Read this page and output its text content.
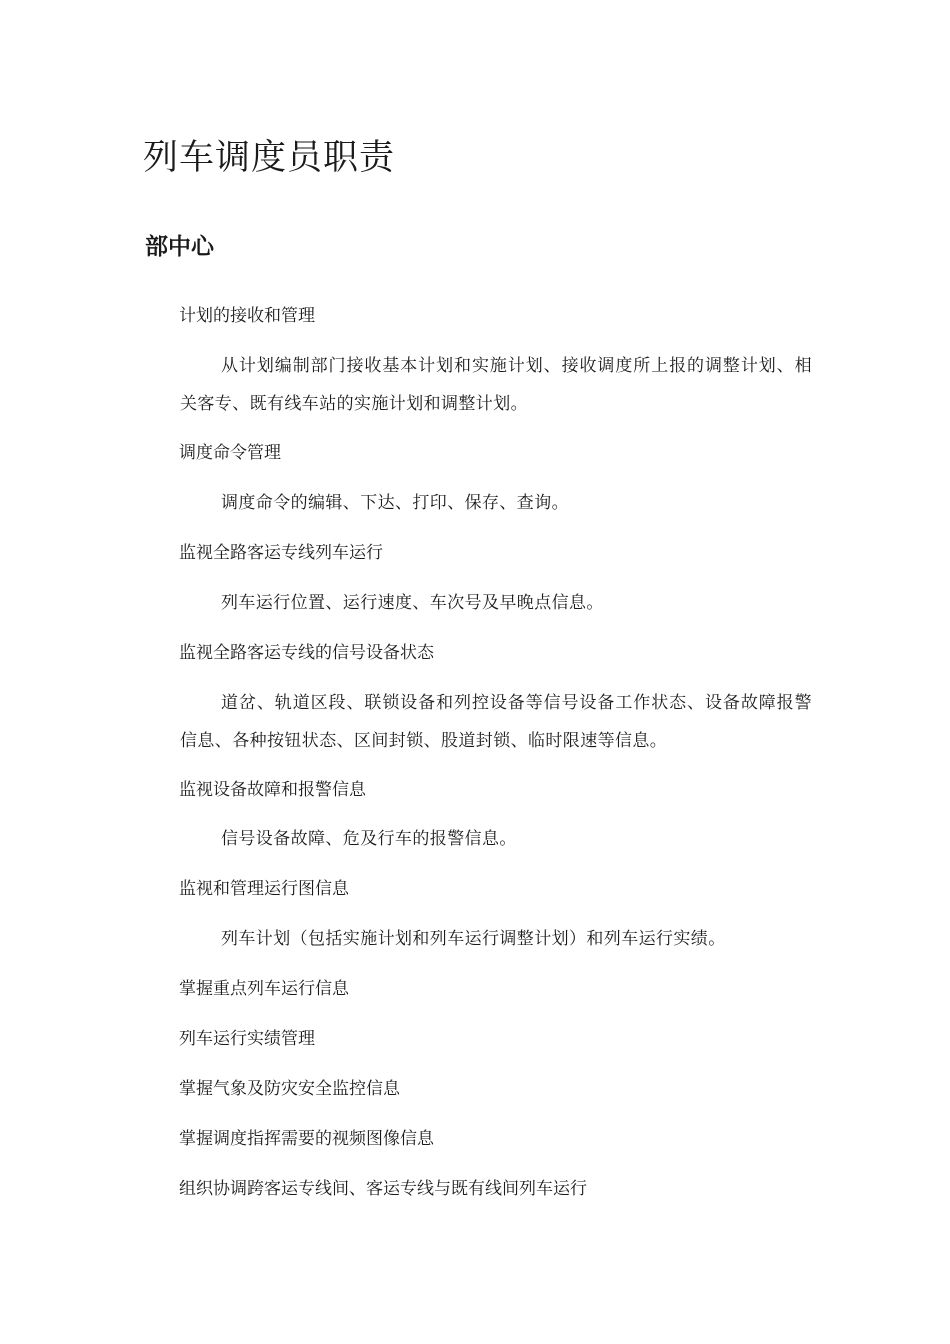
列车调度员职责
部中心
计划的接收和管理
从计划编制部门接收基本计划和实施计划、接收调度所上报的调整计划、相关客专、既有线车站的实施计划和调整计划。
调度命令管理
调度命令的编辑、下达、打印、保存、查询。
监视全路客运专线列车运行
列车运行位置、运行速度、车次号及早晚点信息。
监视全路客运专线的信号设备状态
道岔、轨道区段、联锁设备和列控设备等信号设备工作状态、设备故障报警信息、各种按钮状态、区间封锁、股道封锁、临时限速等信息。
监视设备故障和报警信息
信号设备故障、危及行车的报警信息。
监视和管理运行图信息
列车计划（包括实施计划和列车运行调整计划）和列车运行实绩。
掌握重点列车运行信息
列车运行实绩管理
掌握气象及防灾安全监控信息
掌握调度指挥需要的视频图像信息
组织协调跨客运专线间、客运专线与既有线间列车运行
